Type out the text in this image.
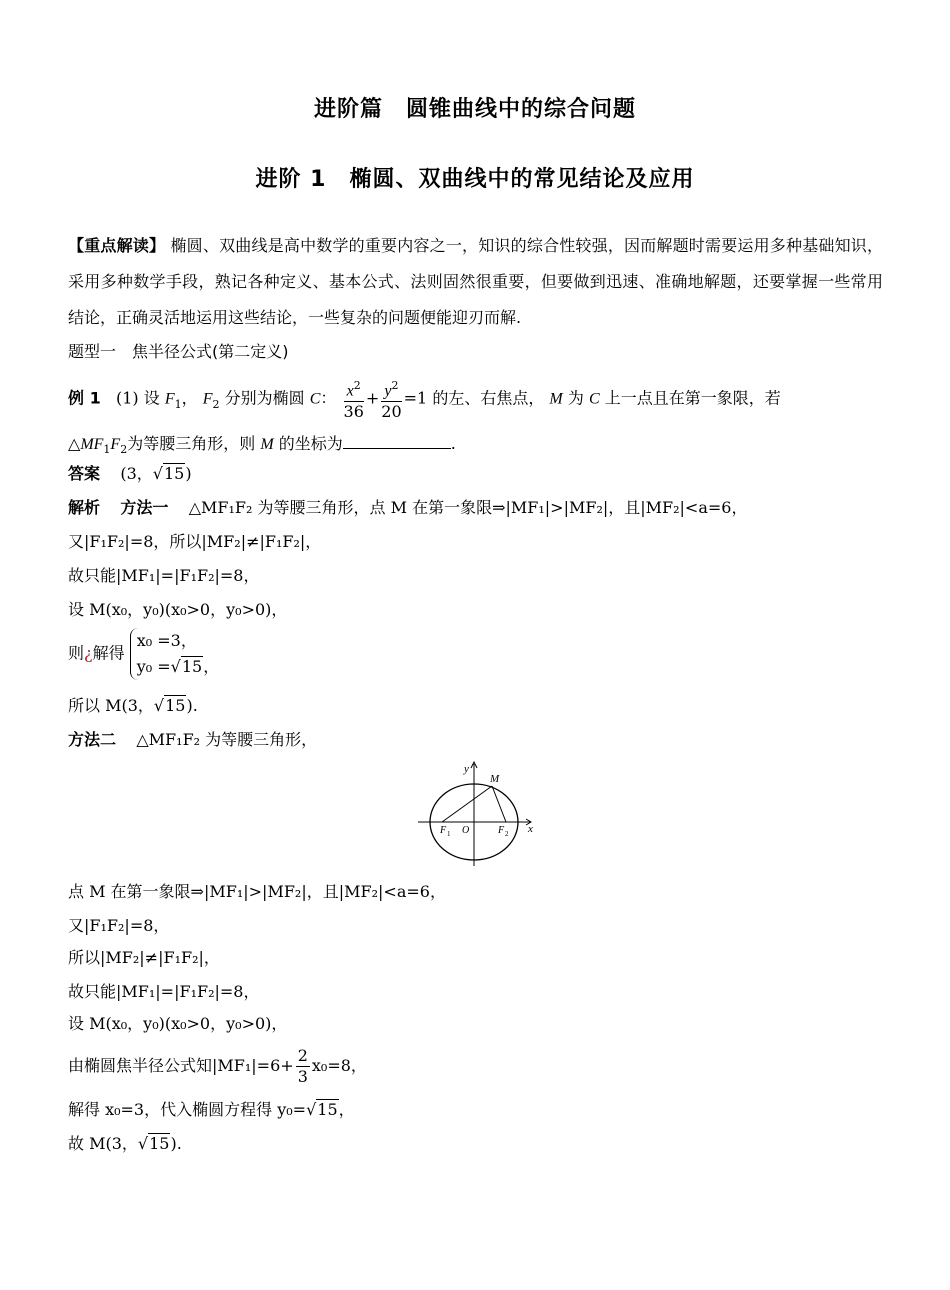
进阶篇　圆锥曲线中的综合问题
进阶 1　椭圆、双曲线中的常见结论及应用
【重点解读】 椭圆、双曲线是高中数学的重要内容之一，知识的综合性较强，因而解题时需要运用多种基础知识，采用多种数学手段，熟记各种定义、基本公式、法则固然很重要，但要做到迅速、准确地解题，还要掌握一些常用结论，正确灵活地运用这些结论，一些复杂的问题便能迎刃而解.
题型一　焦半径公式(第二定义)
例 1 (1) 设 $F_1$， $F_2$ 分别为椭圆 C： $\frac{x^2}{36} + \frac{y^2}{20} =1$ 的左、右焦点， M 为 C 上一点且在第一象限，若
$\triangle MF_1F_2$为等腰三角形，则 M 的坐标为	.
答案 (3，√15)
解析 方法一 △MF₁F₂ 为等腰三角形，点 M 在第一象限⇒|MF₁|>|MF₂|，且|MF₂|<a=6，
又|F₁F₂|=8，所以|MF₂|≠|F₁F₂|，
故只能|MF₁|=|F₁F₂|=8，
设 M(x₀，y₀)(x₀>0，y₀>0)，
则¿解得
x₀ =3，
y₀ =√15，
所以 M(3，√15).
方法二 △MF₁F₂ 为等腰三角形，
y
x
M
F 1 O	F 2
点 M 在第一象限⇒|MF₁|>|MF₂|，且|MF₂|<a=6，
又|F₁F₂|=8，
所以|MF₂|≠|F₁F₂|，
故只能|MF₁|=|F₁F₂|=8，
设 M(x₀，y₀)(x₀>0，y₀>0)，
由椭圆焦半径公式知$|MF_1|=6+ \frac{2}{3} x_0=8$，
解得 x₀=3，代入椭圆方程得 y₀=√15，
故 M(3，√15).
